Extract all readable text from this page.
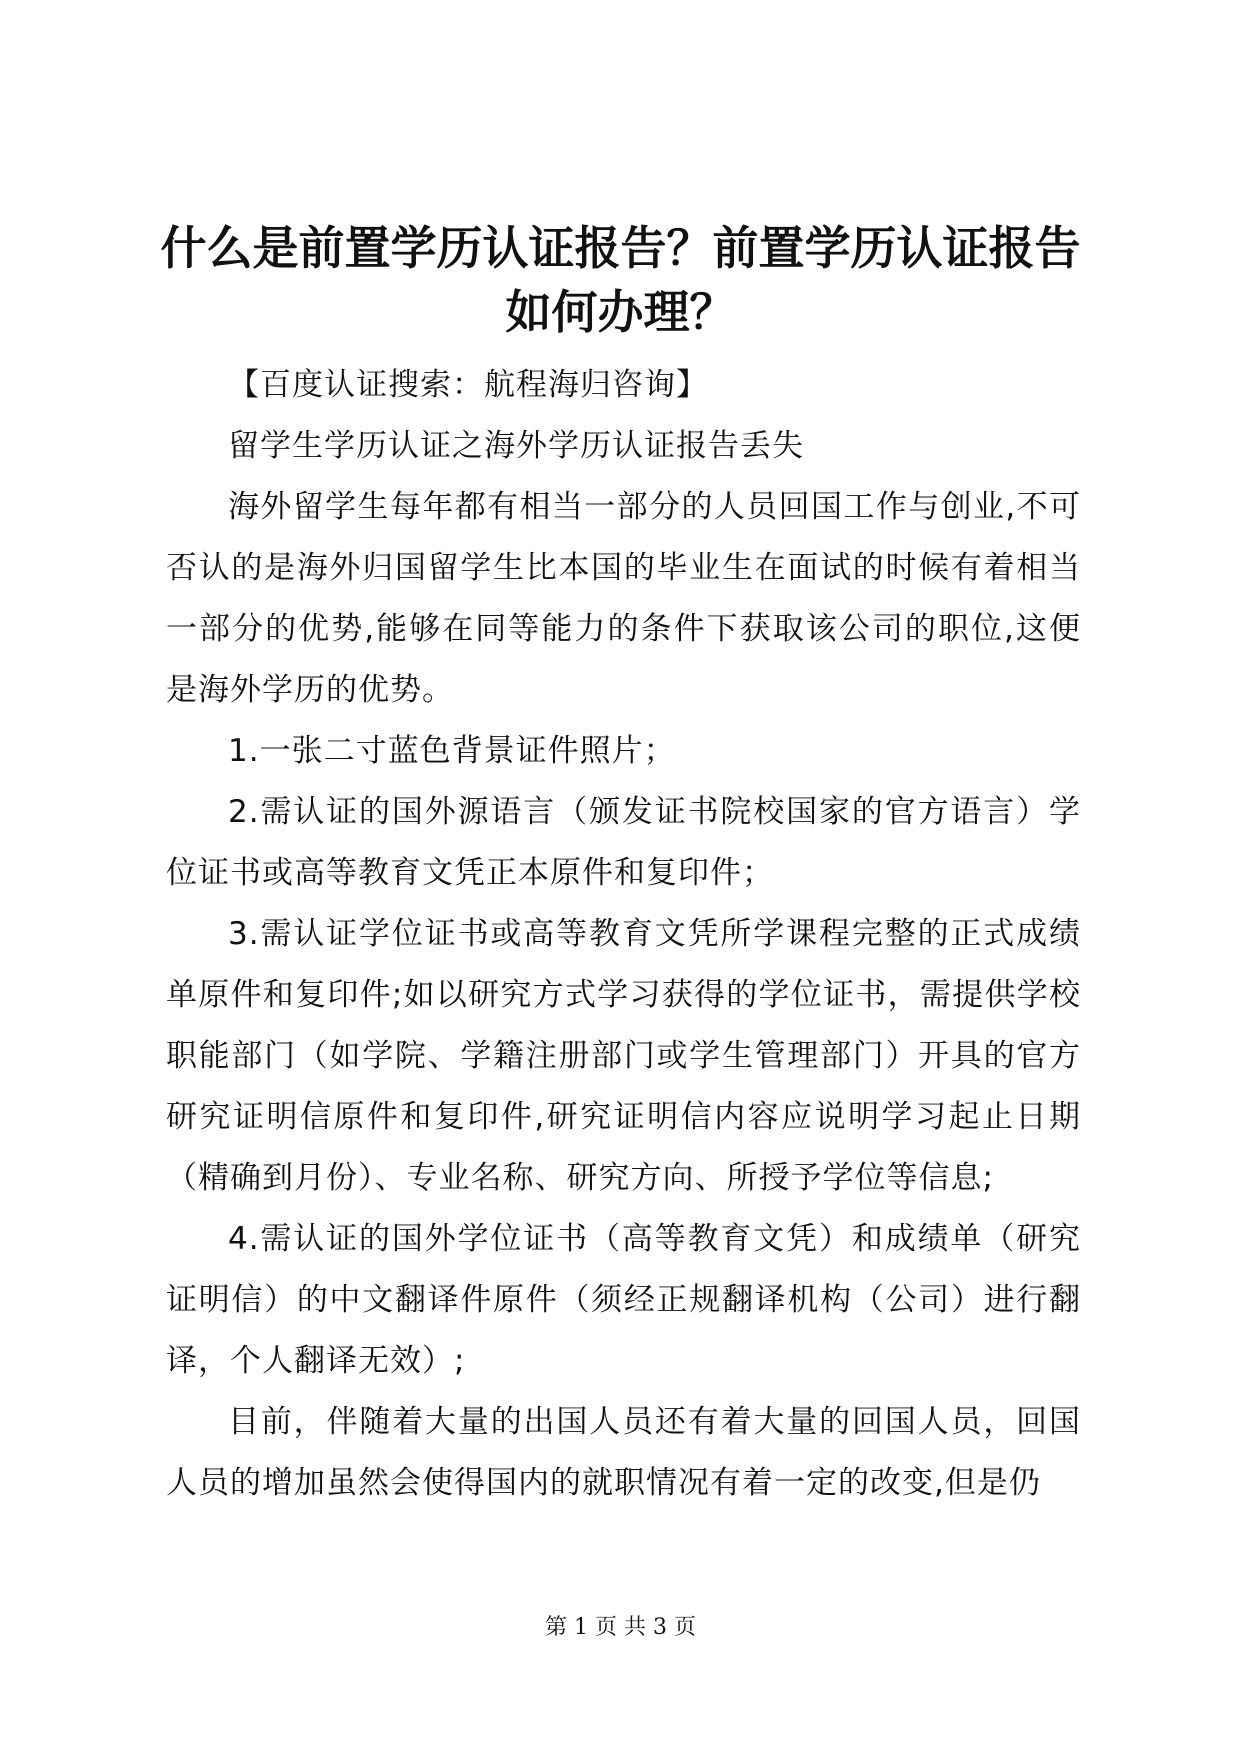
什么是前置学历认证报告？前置学历认证报告如何办理？

【百度认证搜索：航程海归咨询】

留学生学历认证之海外学历认证报告丢失

海外留学生每年都有相当一部分的人员回国工作与创业,不可否认的是海外归国留学生比本国的毕业生在面试的时候有着相当一部分的优势,能够在同等能力的条件下获取该公司的职位,这便是海外学历的优势。

1.一张二寸蓝色背景证件照片；

2.需认证的国外源语言（颁发证书院校国家的官方语言）学位证书或高等教育文凭正本原件和复印件；

3.需认证学位证书或高等教育文凭所学课程完整的正式成绩单原件和复印件;如以研究方式学习获得的学位证书，需提供学校职能部门（如学院、学籍注册部门或学生管理部门）开具的官方研究证明信原件和复印件,研究证明信内容应说明学习起止日期（精确到月份）、专业名称、研究方向、所授予学位等信息;

4.需认证的国外学位证书（高等教育文凭）和成绩单（研究证明信）的中文翻译件原件（须经正规翻译机构（公司）进行翻译，个人翻译无效）;

目前，伴随着大量的出国人员还有着大量的回国人员，回国人员的增加虽然会使得国内的就职情况有着一定的改变,但是仍

第 1 页 共 3 页
